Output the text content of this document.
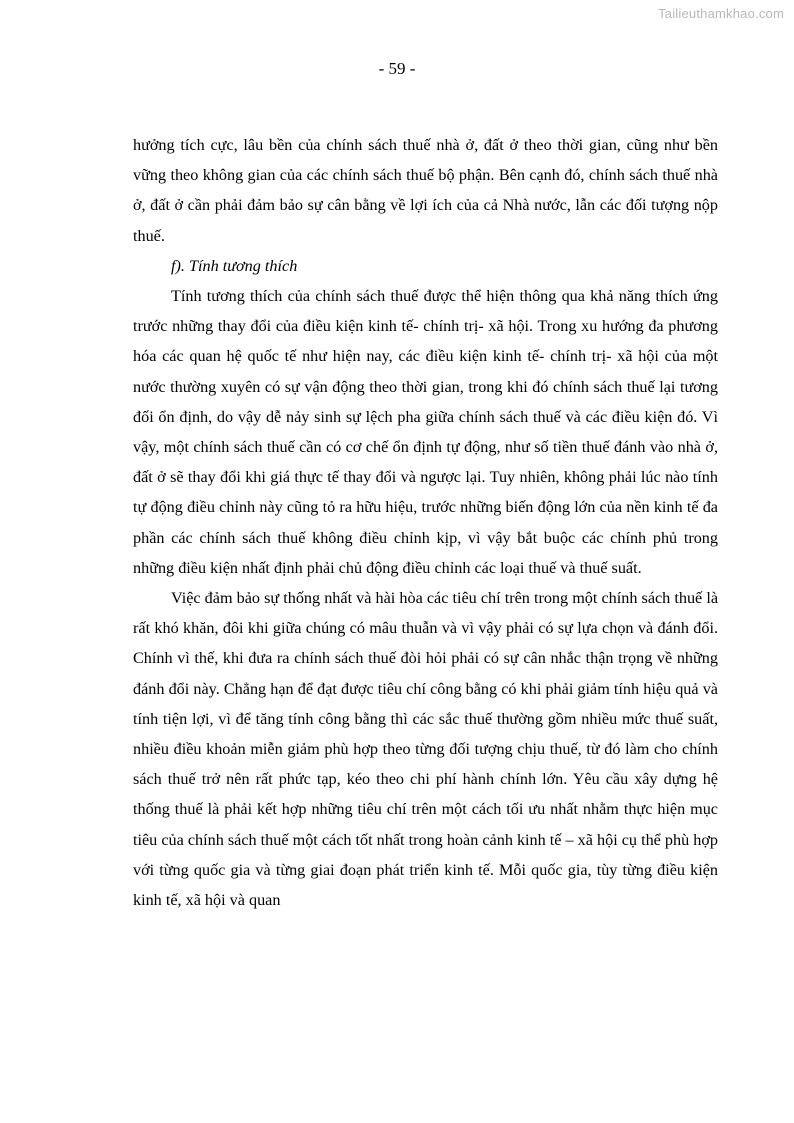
Tailieuthamkhao.com
- 59 -

hưởng tích cực, lâu bền của chính sách thuế nhà ở, đất ở theo thời gian, cũng như bền vững theo không gian của các chính sách thuế bộ phận. Bên cạnh đó, chính sách thuế nhà ở, đất ở cần phải đảm bảo sự cân bằng về lợi ích của cả Nhà nước, lẫn các đối tượng nộp thuế.

f). Tính tương thích

Tính tương thích của chính sách thuế được thể hiện thông qua khả năng thích ứng trước những thay đổi của điều kiện kinh tế- chính trị- xã hội. Trong xu hướng đa phương hóa các quan hệ quốc tế như hiện nay, các điều kiện kinh tế- chính trị- xã hội của một nước thường xuyên có sự vận động theo thời gian, trong khi đó chính sách thuế lại tương đối ổn định, do vậy dễ nảy sinh sự lệch pha giữa chính sách thuế và các điều kiện đó. Vì vậy, một chính sách thuế cần có cơ chế ổn định tự động, như số tiền thuế đánh vào nhà ở, đất ở sẽ thay đổi khi giá thực tế thay đổi và ngược lại. Tuy nhiên, không phải lúc nào tính tự động điều chỉnh này cũng tỏ ra hữu hiệu, trước những biến động lớn của nền kinh tế đa phần các chính sách thuế không điều chỉnh kịp, vì vậy bắt buộc các chính phủ trong những điều kiện nhất định phải chủ động điều chỉnh các loại thuế và thuế suất.

Việc đảm bảo sự thống nhất và hài hòa các tiêu chí trên trong một chính sách thuế là rất khó khăn, đôi khi giữa chúng có mâu thuẫn và vì vậy phải có sự lựa chọn và đánh đổi. Chính vì thế, khi đưa ra chính sách thuế đòi hỏi phải có sự cân nhắc thận trọng về những đánh đổi này. Chẳng hạn để đạt được tiêu chí công bằng có khi phải giảm tính hiệu quả và tính tiện lợi, vì để tăng tính công bằng thì các sắc thuế thường gồm nhiều mức thuế suất, nhiều điều khoản miễn giảm phù hợp theo từng đối tượng chịu thuế, từ đó làm cho chính sách thuế trở nên rất phức tạp, kéo theo chi phí hành chính lớn. Yêu cầu xây dựng hệ thống thuế là phải kết hợp những tiêu chí trên một cách tối ưu nhất nhằm thực hiện mục tiêu của chính sách thuế một cách tốt nhất trong hoàn cảnh kinh tế – xã hội cụ thể phù hợp với từng quốc gia và từng giai đoạn phát triển kinh tế. Mỗi quốc gia, tùy từng điều kiện kinh tế, xã hội và quan
